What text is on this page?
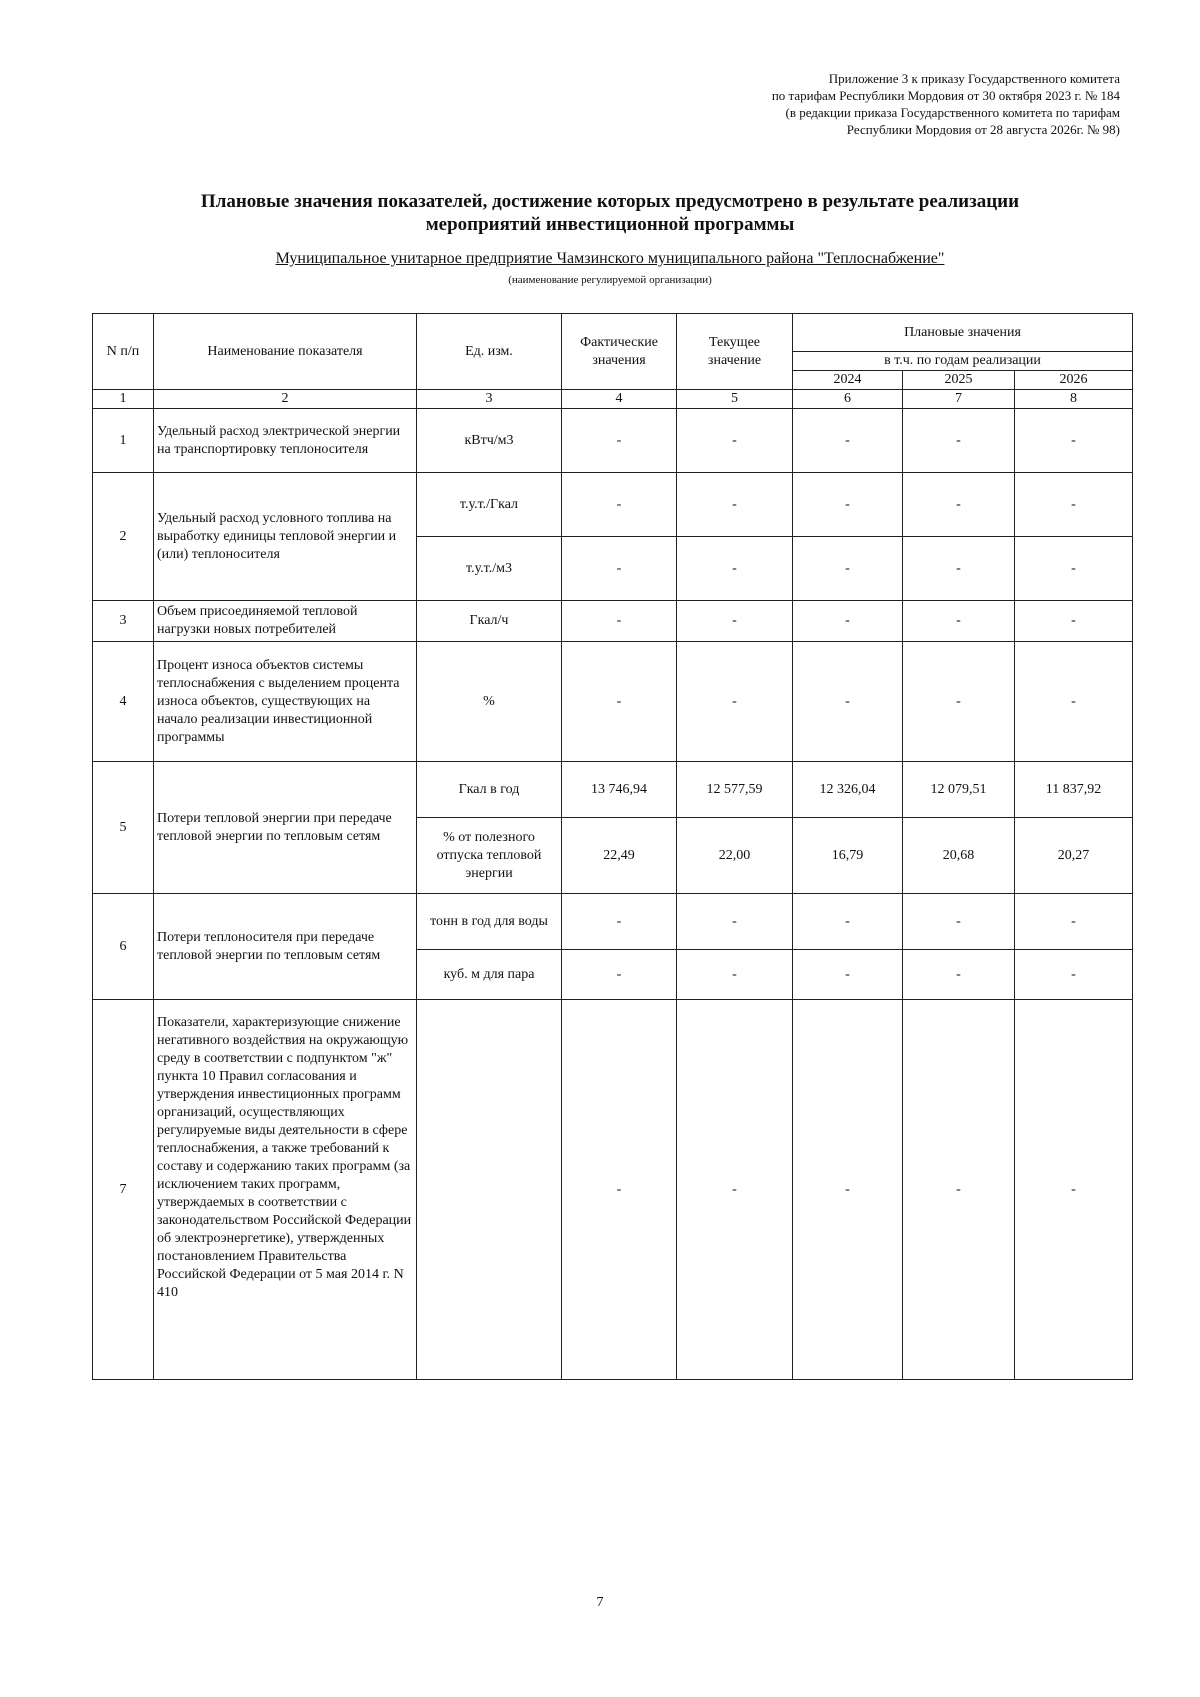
Приложение 3 к приказу Государственного комитета
по тарифам Республики Мордовия от 30 октября 2023 г. № 184
(в редакции приказа Государственного комитета по тарифам
Республики Мордовия от 28 августа 2026г. № 98)
Плановые значения показателей, достижение которых предусмотрено в результате реализации
мероприятий инвестиционной программы
Муниципальное унитарное предприятие Чамзинского муниципального района "Теплоснабжение"
(наименование регулируемой организации)
N п/п	Наименование показателя	Ед. изм.	Фактические значения	Текущее значение	Плановые значения		
					в т.ч. по годам реализации		
					2024	2025	2026
1	2	3	4	5	6	7	8
1	Удельный расход электрической энергии на транспортировку теплоносителя	кВтч/м3	-	-	-	-	-
2	Удельный расход условного топлива на выработку единицы тепловой энергии и (или) теплоносителя	т.у.т./Гкал	-	-	-	-	-
		т.у.т./м3	-	-	-	-	-
3	Объем присоединяемой тепловой нагрузки новых потребителей	Гкал/ч	-	-	-	-	-
4	Процент износа объектов системы теплоснабжения с выделением процента износа объектов, существующих на начало реализации инвестиционной программы	%	-	-	-	-	-
5	Потери тепловой энергии при передаче тепловой энергии по тепловым сетям	Гкал в год	13 746,94	12 577,59	12 326,04	12 079,51	11 837,92
		% от полезного отпуска тепловой энергии	22,49	22,00	16,79	20,68	20,27
6	Потери теплоносителя при передаче тепловой энергии по тепловым сетям	тонн в год для воды	-	-	-	-	-
		куб. м для пара	-	-	-	-	-
7	Показатели, характеризующие снижение негативного воздействия на окружающую среду в соответствии с подпунктом "ж" пункта 10 Правил согласования и утверждения инвестиционных программ организаций, осуществляющих регулируемые виды деятельности в сфере теплоснабжения, а также требований к составу и содержанию таких программ (за исключением таких программ, утверждаемых в соответствии с законодательством Российской Федерации об электроэнергетике), утвержденных постановлением Правительства Российской Федерации от 5 мая 2014 г. N 410		-	-	-	-	-
7
